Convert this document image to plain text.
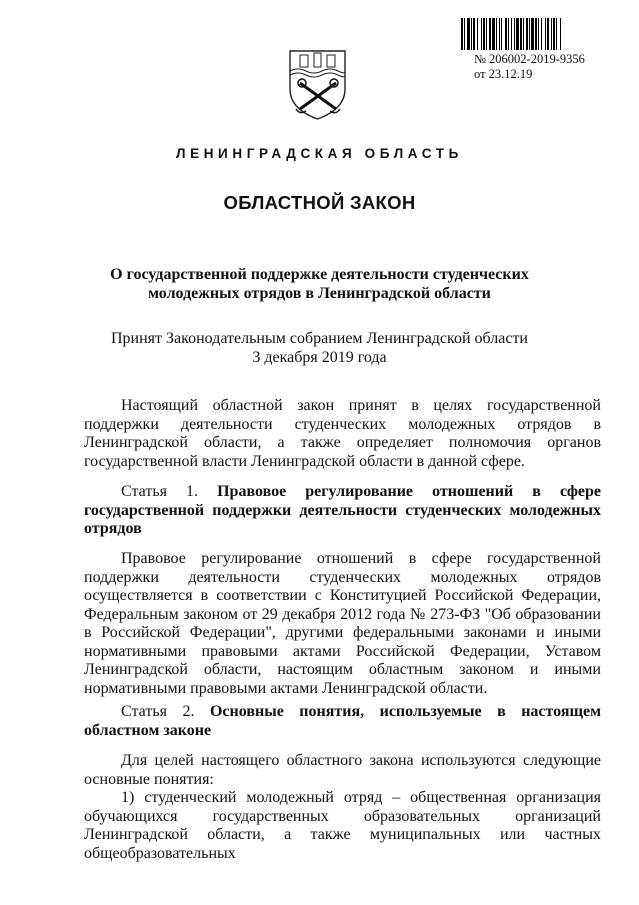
№ 206002-2019-9356
от 23.12.19
ЛЕНИНГРАДСКАЯ ОБЛАСТЬ
ОБЛАСТНОЙ ЗАКОН
О государственной поддержке деятельности студенческих
молодежных отрядов в Ленинградской области
Принят Законодательным собранием Ленинградской области
3 декабря 2019 года

Настоящий областной закон принят в целях государственной поддержки деятельности студенческих молодежных отрядов в Ленинградской области, а также определяет полномочия органов государственной власти Ленинградской области в данной сфере.

Статья 1. Правовое регулирование отношений в сфере государственной поддержки деятельности студенческих молодежных отрядов

Правовое регулирование отношений в сфере государственной поддержки деятельности студенческих молодежных отрядов осуществляется в соответствии с Конституцией Российской Федерации, Федеральным законом от 29 декабря 2012 года № 273-ФЗ "Об образовании в Российской Федерации", другими федеральными законами и иными нормативными правовыми актами Российской Федерации, Уставом Ленинградской области, настоящим областным законом и иными нормативными правовыми актами Ленинградской области.

Статья 2. Основные понятия, используемые в настоящем областном законе

Для целей настоящего областного закона используются следующие основные понятия:

1) студенческий молодежный отряд – общественная организация обучающихся государственных образовательных организаций Ленинградской области, а также муниципальных или частных общеобразовательных
